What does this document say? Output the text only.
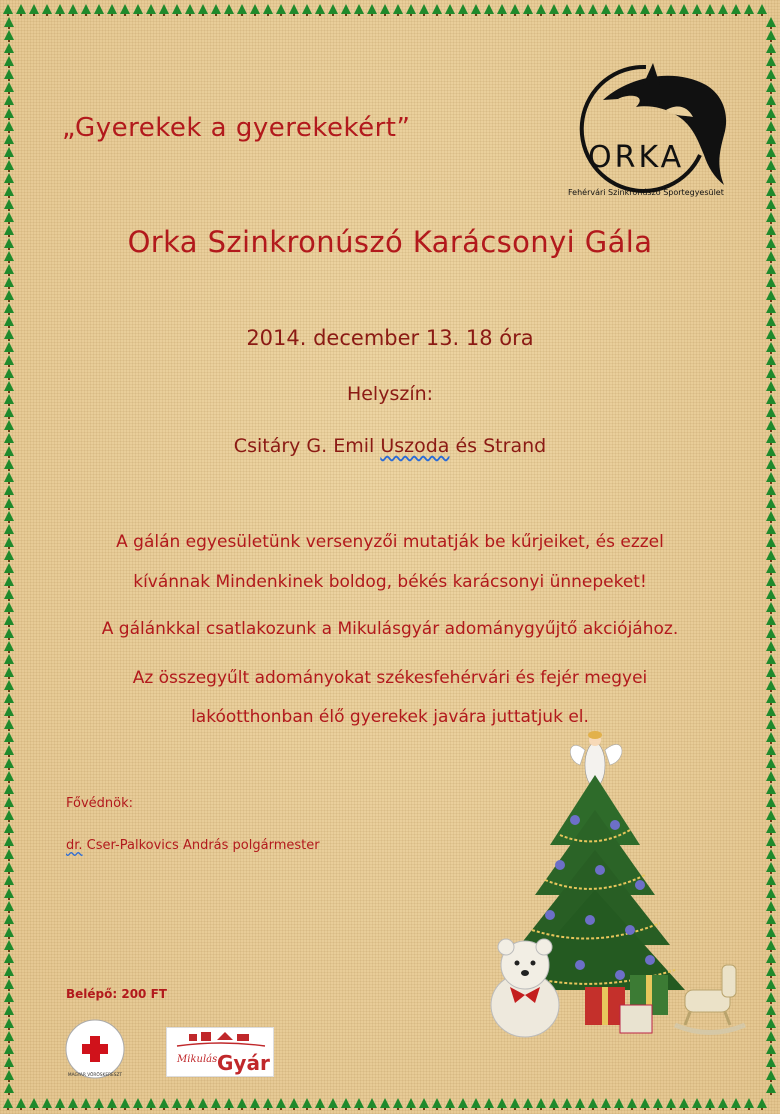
„Gyerekek a gyerekekért”
ORKA
Fehérvári Szinkronúszó Sportegyesület
Orka Szinkronúszó Karácsonyi Gála
2014. december 13. 18 óra
Helyszín:
Csitáry G. Emil Uszoda és Strand
A gálán egyesületünk versenyzői mutatják be kűrjeiket, és ezzel
kívánnak Mindenkinek boldog, békés karácsonyi ünnepeket!
A gálánkkal csatlakozunk a Mikulásgyár adománygyűjtő akciójához.
Az összegyűlt adományokat székesfehérvári és fejér megyei
lakóotthonban élő gyerekek javára juttatjuk el.
Fővédnök:
dr. Cser-Palkovics András polgármester
Belépő: 200 FT
MAGYAR VÖRÖSKERESZT
Mikulás Gyár
